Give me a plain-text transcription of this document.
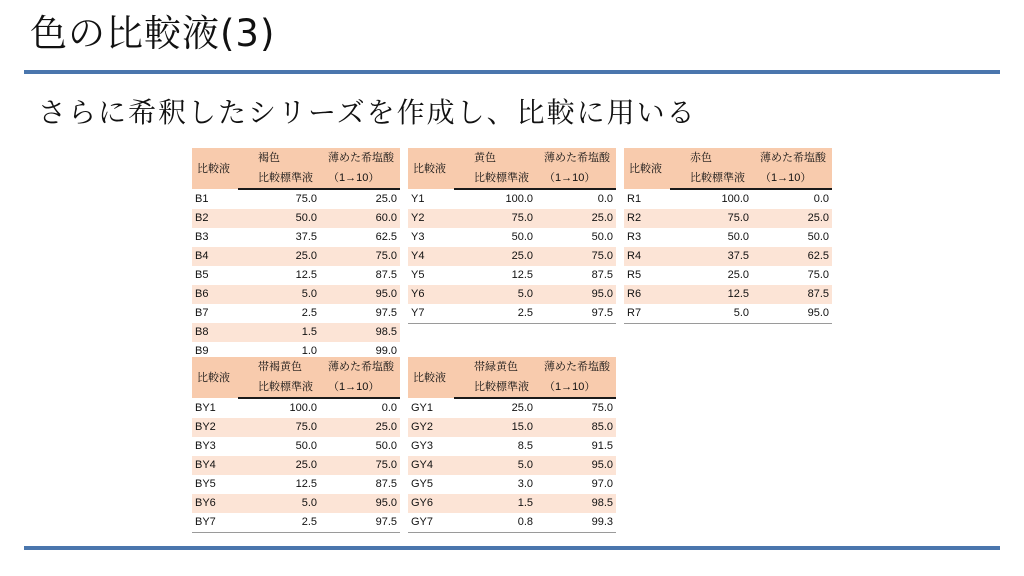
色の比較液(3)

さらに希釈したシリーズを作成し、比較に用いる

比較液	褐色	薄めた希塩酸
	比較標準液	（1→10）
B1	75.0	25.0
B2	50.0	60.0
B3	37.5	62.5
B4	25.0	75.0
B5	12.5	87.5
B6	5.0	95.0
B7	2.5	97.5
B8	1.5	98.5
B9	1.0	99.0
比較液	黄色	薄めた希塩酸
	比較標準液	（1→10）
Y1	100.0	0.0
Y2	75.0	25.0
Y3	50.0	50.0
Y4	25.0	75.0
Y5	12.5	87.5
Y6	5.0	95.0
Y7	2.5	97.5
比較液	赤色	薄めた希塩酸
	比較標準液	（1→10）
R1	100.0	0.0
R2	75.0	25.0
R3	50.0	50.0
R4	37.5	62.5
R5	25.0	75.0
R6	12.5	87.5
R7	5.0	95.0
比較液	帯褐黄色	薄めた希塩酸
	比較標準液	（1→10）
BY1	100.0	0.0
BY2	75.0	25.0
BY3	50.0	50.0
BY4	25.0	75.0
BY5	12.5	87.5
BY6	5.0	95.0
BY7	2.5	97.5
比較液	帯緑黄色	薄めた希塩酸
	比較標準液	（1→10）
GY1	25.0	75.0
GY2	15.0	85.0
GY3	8.5	91.5
GY4	5.0	95.0
GY5	3.0	97.0
GY6	1.5	98.5
GY7	0.8	99.3
